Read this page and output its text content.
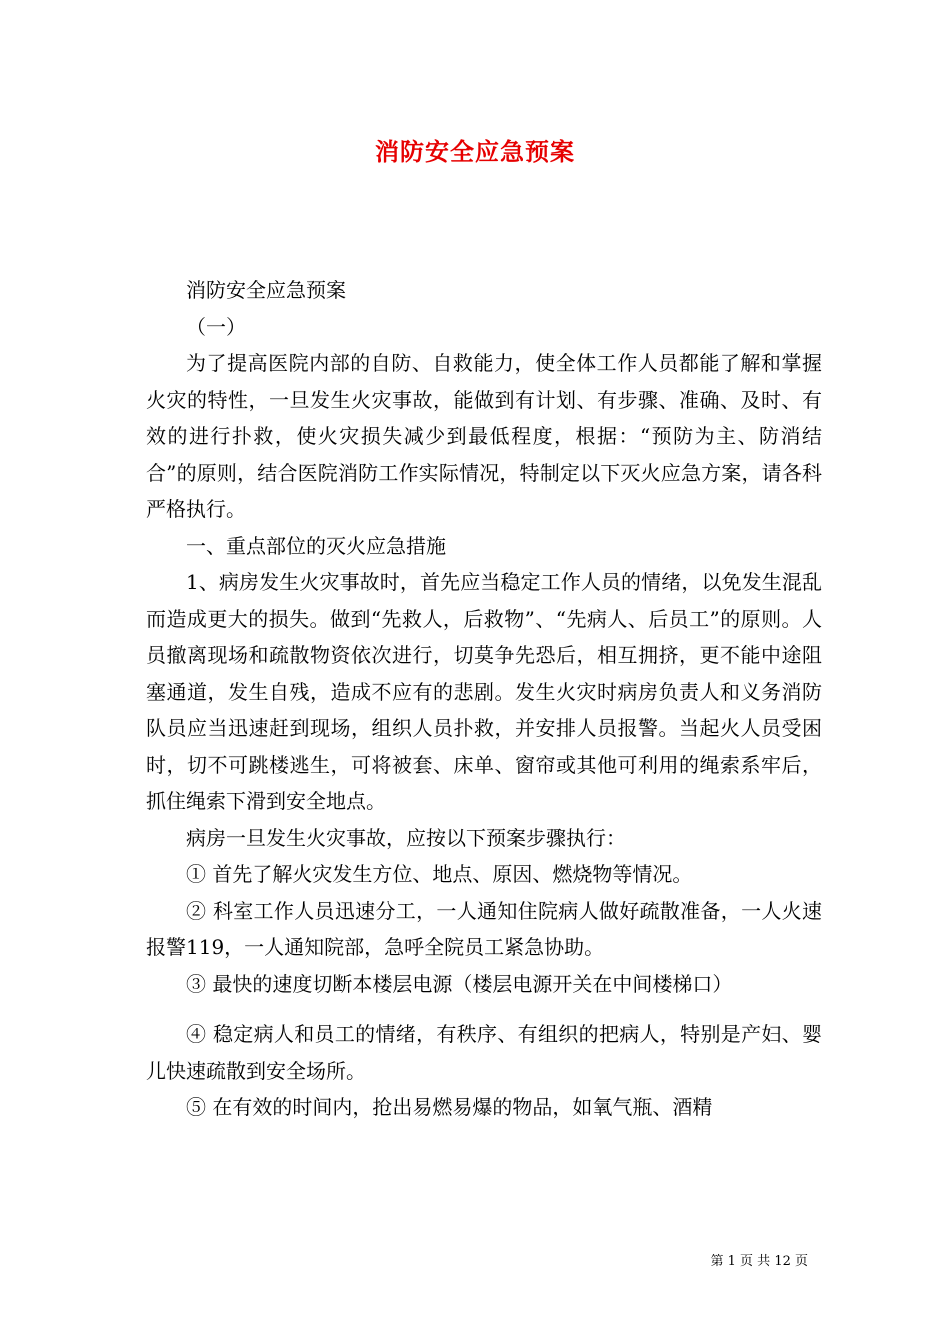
消防安全应急预案

消防安全应急预案

（一）

为了提高医院内部的自防、自救能力，使全体工作人员都能了解和掌握火灾的特性，一旦发生火灾事故，能做到有计划、有步骤、准确、及时、有效的进行扑救，使火灾损失减少到最低程度，根据：“预防为主、防消结合”的原则，结合医院消防工作实际情况，特制定以下灭火应急方案，请各科严格执行。

一、重点部位的灭火应急措施

1、病房发生火灾事故时，首先应当稳定工作人员的情绪，以免发生混乱而造成更大的损失。做到“先救人，后救物”、“先病人、后员工”的原则。人员撤离现场和疏散物资依次进行，切莫争先恐后，相互拥挤，更不能中途阻塞通道，发生自残，造成不应有的悲剧。发生火灾时病房负责人和义务消防队员应当迅速赶到现场，组织人员扑救，并安排人员报警。当起火人员受困时，切不可跳楼逃生，可将被套、床单、窗帘或其他可利用的绳索系牢后，抓住绳索下滑到安全地点。

病房一旦发生火灾事故，应按以下预案步骤执行：

① 首先了解火灾发生方位、地点、原因、燃烧物等情况。

② 科室工作人员迅速分工，一人通知住院病人做好疏散准备，一人火速报警119，一人通知院部，急呼全院员工紧急协助。

③ 最快的速度切断本楼层电源（楼层电源开关在中间楼梯口）

④ 稳定病人和员工的情绪，有秩序、有组织的把病人，特别是产妇、婴儿快速疏散到安全场所。

⑤ 在有效的时间内，抢出易燃易爆的物品，如氧气瓶、酒精

第 1 页 共 12 页
